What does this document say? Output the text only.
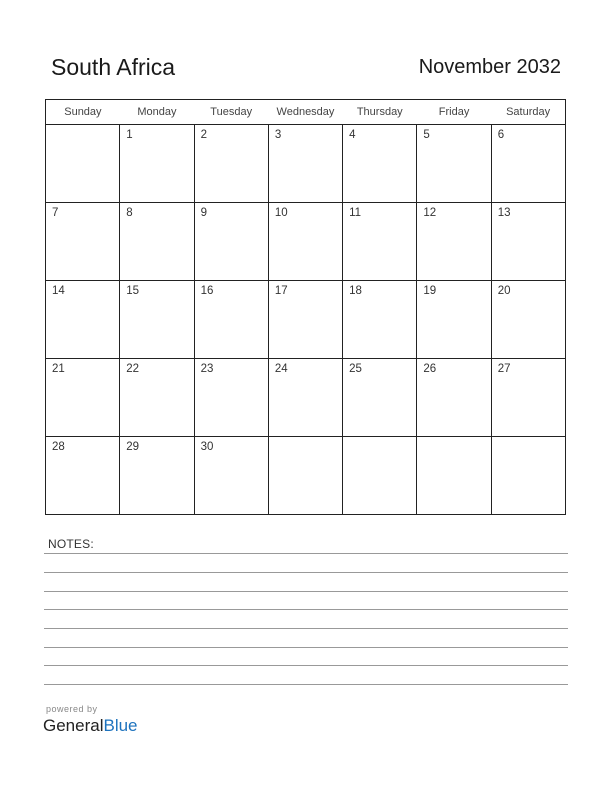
South Africa	November 2032
Sunday	Monday	Tuesday	Wednesday	Thursday	Friday	Saturday

	1	2	3	4	5	6

7	8	9	10	11	12	13

14	15	16	17	18	19	20

21	22	23	24	25	26	27

28	29	30				

NOTES:
powered by
GeneralBlue
